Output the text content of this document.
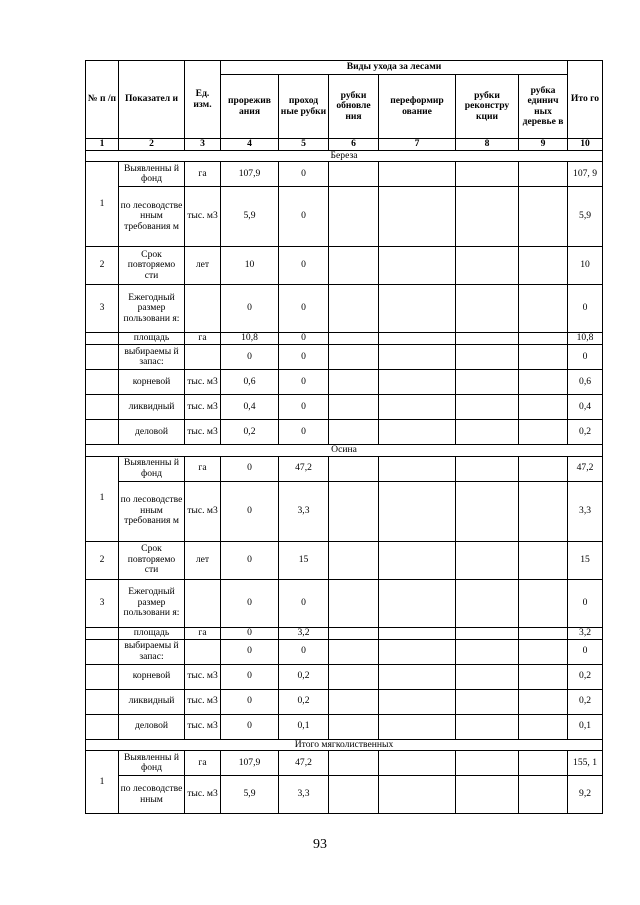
№ п /п	Показател и	Ед. изм.	Виды ухода за лесами						Ито го
			прорежив ания	проход ные рубки	рубки обновле ния	переформир ование	рубки реконстру кции	рубка единич ных деревье в	
1	2	3	4	5	6	7	8	9	10
Береза									
1	Выявленны й фонд	га	107,9	0					107, 9
	по лесоводстве нным требования м	тыс. м3	5,9	0					5,9
2	Срок повторяемо сти	лет	10	0					10
3	Ежегодный размер пользовани я:		0	0					0
	площадь	га	10,8	0					10,8
	выбираемы й запас:		0	0					0
	корневой	тыс. м3	0,6	0					0,6
	ликвидный	тыс. м3	0,4	0					0,4
	деловой	тыс. м3	0,2	0					0,2
Осина									
1	Выявленны й фонд	га	0	47,2					47,2
	по лесоводстве нным требования м	тыс. м3	0	3,3					3,3
2	Срок повторяемо сти	лет	0	15					15
3	Ежегодный размер пользовани я:		0	0					0
	площадь	га	0	3,2					3,2
	выбираемы й запас:		0	0					0
	корневой	тыс. м3	0	0,2					0,2
	ликвидный	тыс. м3	0	0,2					0,2
	деловой	тыс. м3	0	0,1					0,1
Итого мягколиственных									
1	Выявленны й фонд	га	107,9	47,2					155, 1
	по лесоводстве нным	тыс. м3	5,9	3,3					9,2
93
